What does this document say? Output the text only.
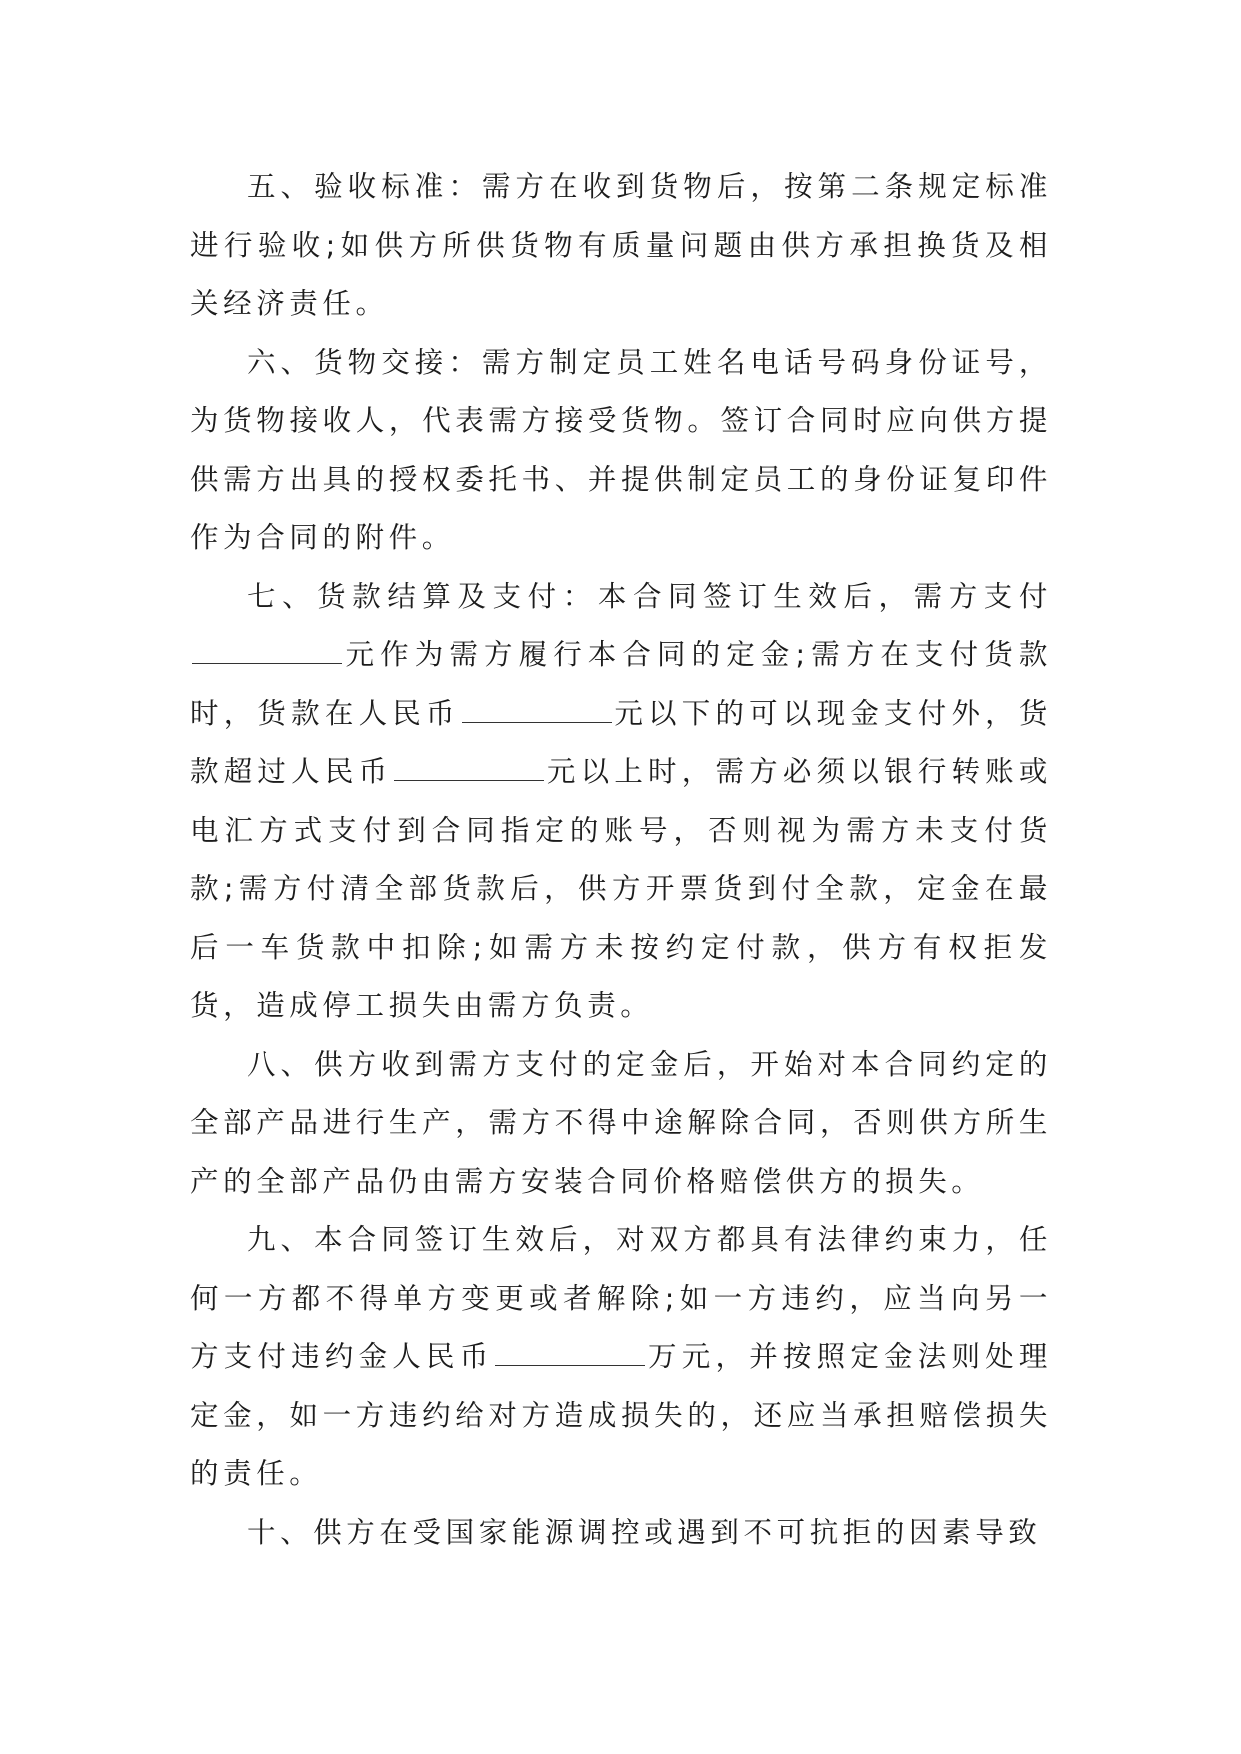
五、验收标准：需方在收到货物后，按第二条规定标准进行验收;如供方所供货物有质量问题由供方承担换货及相关经济责任。

六、货物交接：需方制定员工姓名电话号码身份证号，为货物接收人，代表需方接受货物。签订合同时应向供方提供需方出具的授权委托书、并提供制定员工的身份证复印件作为合同的附件。

七、货款结算及支付：本合同签订生效后，需方支付元作为需方履行本合同的定金;需方在支付货款时，货款在人民币	元以下的可以现金支付外，货款超过人民币	元以上时，需方必须以银行转账或电汇方式支付到合同指定的账号，否则视为需方未支付货款;需方付清全部货款后，供方开票货到付全款，定金在最后一车货款中扣除;如需方未按约定付款，供方有权拒发货，造成停工损失由需方负责。

八、供方收到需方支付的定金后，开始对本合同约定的全部产品进行生产，需方不得中途解除合同，否则供方所生产的全部产品仍由需方安装合同价格赔偿供方的损失。

九、本合同签订生效后，对双方都具有法律约束力，任何一方都不得单方变更或者解除;如一方违约，应当向另一方支付违约金人民币	万元，并按照定金法则处理定金，如一方违约给对方造成损失的，还应当承担赔偿损失的责任。

十、供方在受国家能源调控或遇到不可抗拒的因素导致
